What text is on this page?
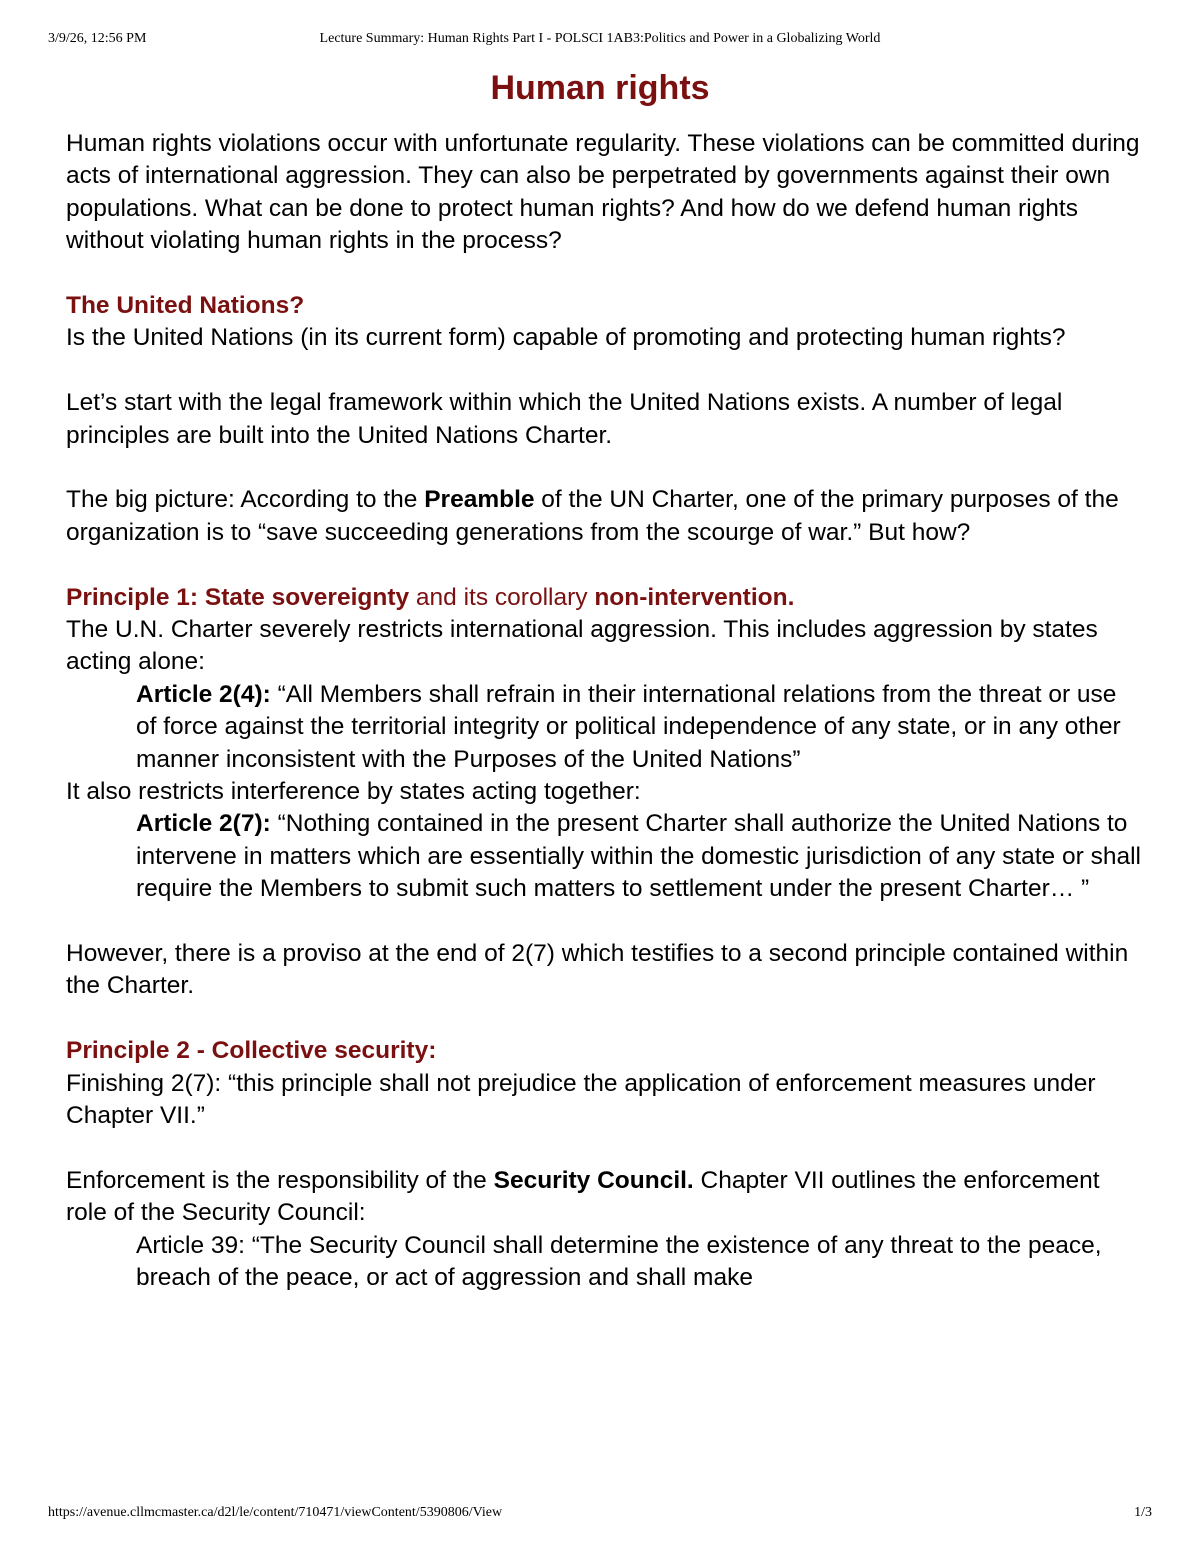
3/9/26, 12:56 PM	Lecture Summary: Human Rights Part I - POLSCI 1AB3:Politics and Power in a Globalizing World
Human rights

Human rights violations occur with unfortunate regularity. These violations can be committed during acts of international aggression. They can also be perpetrated by governments against their own populations. What can be done to protect human rights? And how do we defend human rights without violating human rights in the process?

The United Nations?

Is the United Nations (in its current form) capable of promoting and protecting human rights?

Let’s start with the legal framework within which the United Nations exists. A number of legal principles are built into the United Nations Charter.

The big picture: According to the Preamble of the UN Charter, one of the primary purposes of the organization is to “save succeeding generations from the scourge of war.” But how?

Principle 1: State sovereignty and its corollary non-intervention.

The U.N. Charter severely restricts international aggression. This includes aggression by states acting alone:

Article 2(4): “All Members shall refrain in their international relations from the threat or use of force against the territorial integrity or political independence of any state, or in any other manner inconsistent with the Purposes of the United Nations”

It also restricts interference by states acting together:

Article 2(7): “Nothing contained in the present Charter shall authorize the United Nations to intervene in matters which are essentially within the domestic jurisdiction of any state or shall require the Members to submit such matters to settlement under the present Charter… ”

However, there is a proviso at the end of 2(7) which testifies to a second principle contained within the Charter.

Principle 2 - Collective security:

Finishing 2(7): “this principle shall not prejudice the application of enforcement measures under Chapter VII.”

Enforcement is the responsibility of the Security Council. Chapter VII outlines the enforcement role of the Security Council:

Article 39: “The Security Council shall determine the existence of any threat to the peace, breach of the peace, or act of aggression and shall make

https://avenue.cllmcmaster.ca/d2l/le/content/710471/viewContent/5390806/View	1/3
